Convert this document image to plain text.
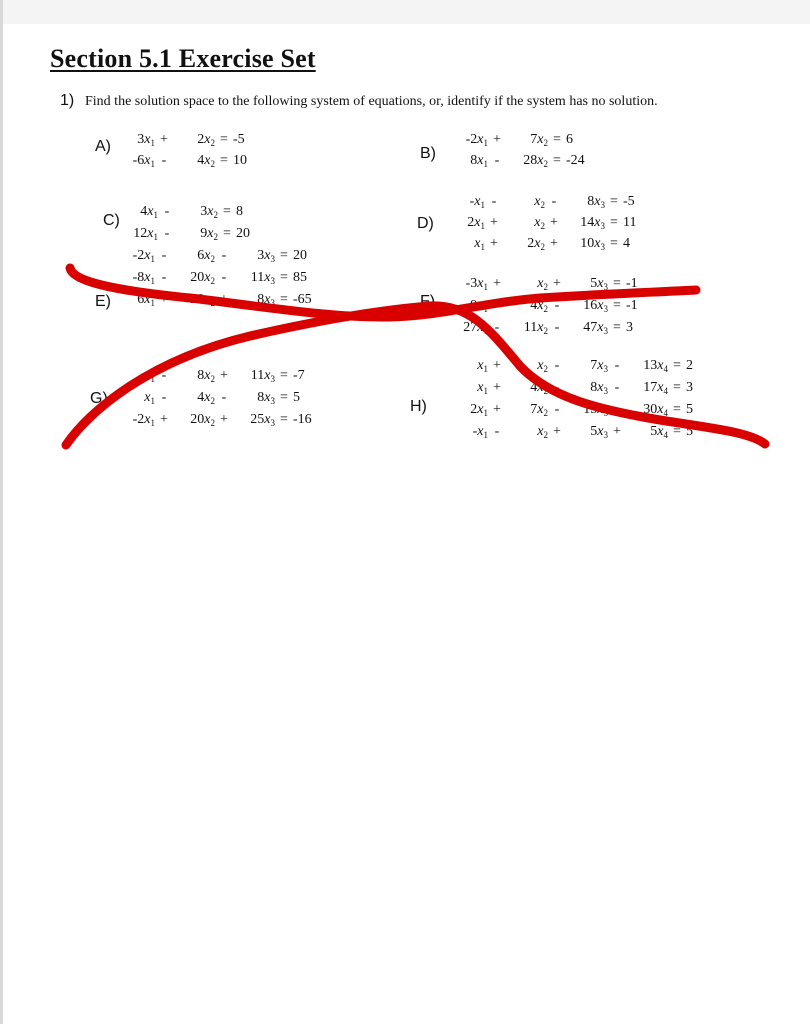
Section 5.1 Exercise Set
1) Find the solution space to the following system of equations, or, identify if the system has no solution.
A)	$3x_1$ +	$2x_2 = -5$
$-6x_1$ -	$4x_2 = 10$	B)
$-2x_1$ +	$7x_2 = 6$
$8x_1$ -	$28x_2 = -24$
C)
$4x_1$ -	$3x_2 = 8$
$12x_1$ -	$9x_2 = 20$
D)
$-x_1$ -	$x_2$ -	$8x_3 = -5$
$2x_1$ +	$x_2$ +	$14x_3 = 11$
$x_1$ +	$2x_2$ +	$10x_3 = 4$
E)
$-2x_1$ -	$6x_2$ -	$3x_3 = 20$
$-8x_1$ -	$20x_2$ -	$11x_3 = 85$
$6x_1$ +	$20x_2$ +	$8x_3 = -65$	F)
$-3x_1$ +	$x_2$ +	$5x_3 = -1$
$9x_1$ -	$4x_2$ -	$16x_3 = -1$
$27x_1$ -	$11x_2$ -	$47x_3 = 3$
G)
$-x_1$ -	$8x_2$ +	$11x_3 = -7$
$x_1$ -	$4x_2$ -	$8x_3 = 5$
$-2x_1$ +	$20x_2$ +	$25x_3 = -16$
H)
$x_1$ +	$x_2$ -	$7x_3$ -	$13x_4 = 2$
$x_1$ +	$4x_2$ -	$8x_3$ -	$17x_4 = 3$
$2x_1$ +	$7x_2$ -	$15x_3$ -	$30x_4 = 5$
$-x_1$ -	$x_2$ +	$5x_3$ +	$5x_4 = 5$
